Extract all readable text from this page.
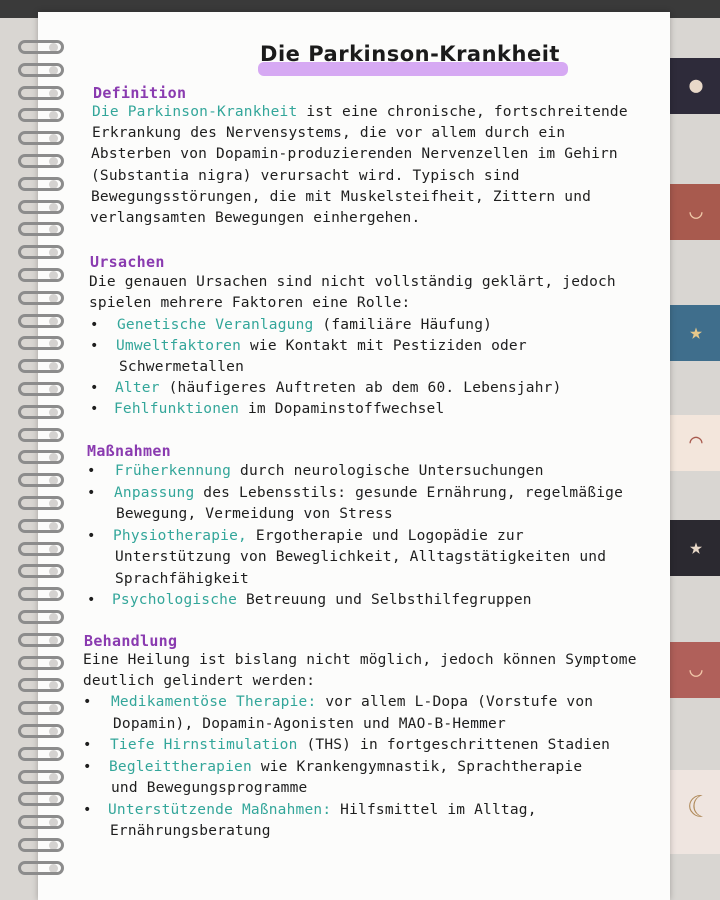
●
◡
★
◠
★
◡
☾
Die Parkinson-Krankheit
Definition
Die Parkinson-Krankheit ist eine chronische, fortschreitende
Erkrankung des Nervensystems, die vor allem durch ein
Absterben von Dopamin-produzierenden Nervenzellen im Gehirn
(Substantia nigra) verursacht wird. Typisch sind
Bewegungsstörungen, die mit Muskelsteifheit, Zittern und
verlangsamten Bewegungen einhergehen.
Ursachen
Die genauen Ursachen sind nicht vollständig geklärt, jedoch
spielen mehrere Faktoren eine Rolle:
• Genetische Veranlagung (familiäre Häufung)
• Umweltfaktoren wie Kontakt mit Pestiziden oder
Schwermetallen
• Alter (häufigeres Auftreten ab dem 60. Lebensjahr)
• Fehlfunktionen im Dopaminstoffwechsel
Maßnahmen
• Früherkennung durch neurologische Untersuchungen
• Anpassung des Lebensstils: gesunde Ernährung, regelmäßige
Bewegung, Vermeidung von Stress
• Physiotherapie, Ergotherapie und Logopädie zur
Unterstützung von Beweglichkeit, Alltagstätigkeiten und
Sprachfähigkeit
• Psychologische Betreuung und Selbsthilfegruppen
Behandlung
Eine Heilung ist bislang nicht möglich, jedoch können Symptome
deutlich gelindert werden:
• Medikamentöse Therapie: vor allem L-Dopa (Vorstufe von
Dopamin), Dopamin-Agonisten und MAO-B-Hemmer
• Tiefe Hirnstimulation (THS) in fortgeschrittenen Stadien
• Begleittherapien wie Krankengymnastik, Sprachtherapie
und Bewegungsprogramme
• Unterstützende Maßnahmen: Hilfsmittel im Alltag,
Ernährungsberatung
